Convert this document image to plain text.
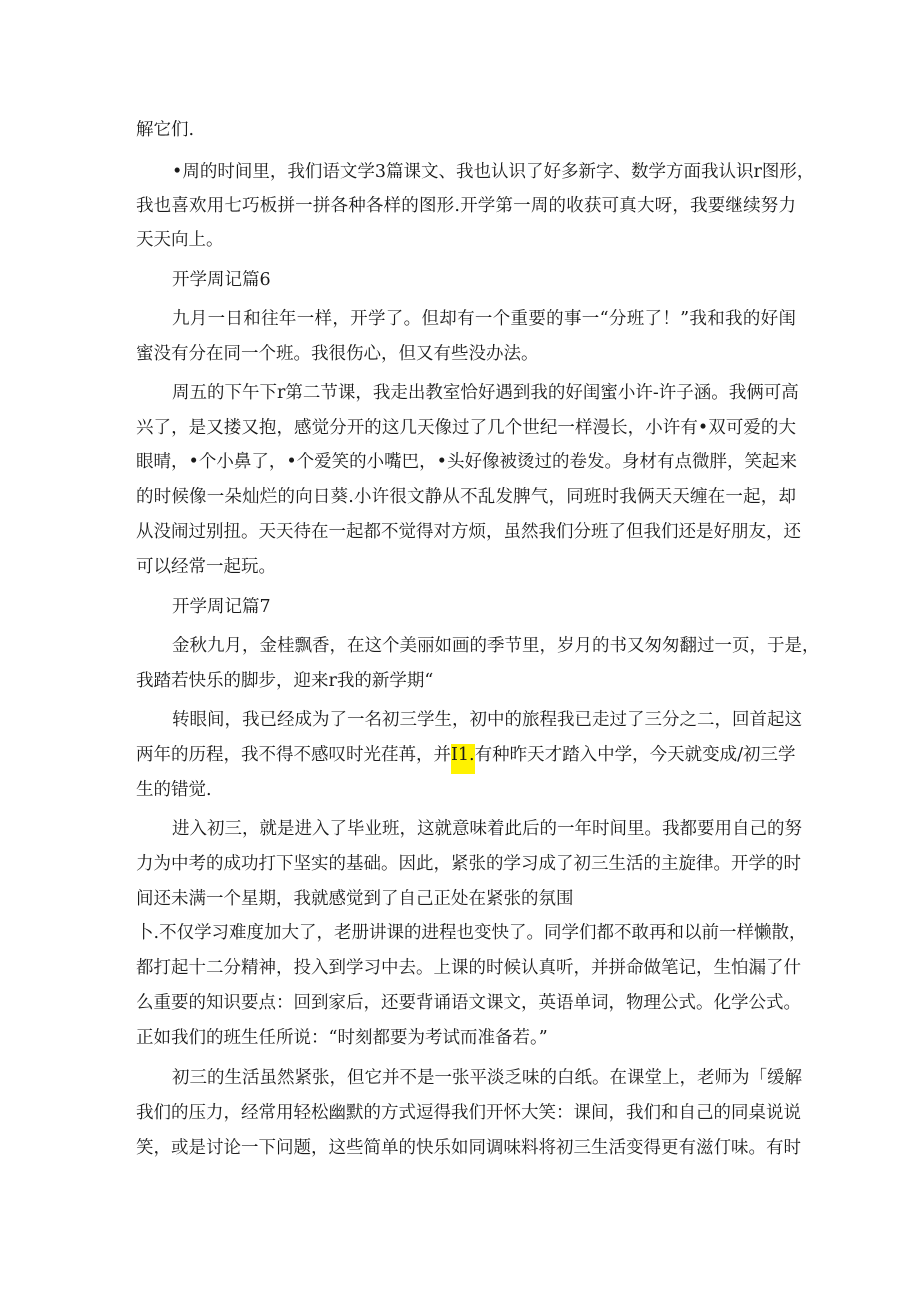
解它们.
•周的时间里，我们语文学3篇课文、我也认识了好多新字、数学方面我认识r图形，
我也喜欢用七巧板拼一拼各种各样的图形.开学第一周的收获可真大呀，我要继续努力
天天向上。
开学周记篇6
九月一日和往年一样，开学了。但却有一个重要的事一“分班了！”我和我的好闺
蜜没有分在同一个班。我很伤心，但又有些没办法。
周五的下午下r第二节课，我走出教室恰好遇到我的好闺蜜小许-许子涵。我俩可高
兴了，是又搂又抱，感觉分开的这几天像过了几个世纪一样漫长，小许有•双可爱的大
眼晴，•个小鼻了，•个爱笑的小嘴巴，•头好像被烫过的卷发。身材有点微胖，笑起来
的时候像一朵灿烂的向日葵.小许很文静从不乱发脾气，同班时我俩天天缠在一起，却
从没闹过别扭。天天待在一起都不觉得对方烦，虽然我们分班了但我们还是好朋友，还
可以经常一起玩。
开学周记篇7
金秋九月，金桂飘香，在这个美丽如画的季节里，岁月的书又匆匆翻过一页，于是，
我踏若快乐的脚步，迎来r我的新学期“
转眼间，我已经成为了一名初三学生，初中的旅程我已走过了三分之二，回首起这
两年的历程，我不得不感叹时光荏苒，并I1.有种昨天才踏入中学，今天就变成/初三学
生的错觉.
进入初三，就是进入了毕业班，这就意味着此后的一年时间里。我都要用自己的努
力为中考的成功打下坚实的基础。因此，紧张的学习成了初三生活的主旋律。开学的时
间还未满一个星期，我就感觉到了自己正处在紧张的氛围
卜.不仅学习难度加大了，老册讲课的进程也变快了。同学们都不敢再和以前一样懒散，
都打起十二分精神，投入到学习中去。上课的时候认真听，并拼命做笔记，生怕漏了什
么重要的知识要点：回到家后，还要背诵语文课文，英语单词，物理公式。化学公式。
正如我们的班生任所说：“时刻都要为考试而准备若。”
初三的生活虽然紧张，但它并不是一张平淡乏味的白纸。在课堂上，老师为「缓解
我们的压力，经常用轻松幽默的方式逗得我们开怀大笑：课间，我们和自己的同桌说说
笑，或是讨论一下问题，这些简单的快乐如同调味料将初三生活变得更有滋仃味。有时
